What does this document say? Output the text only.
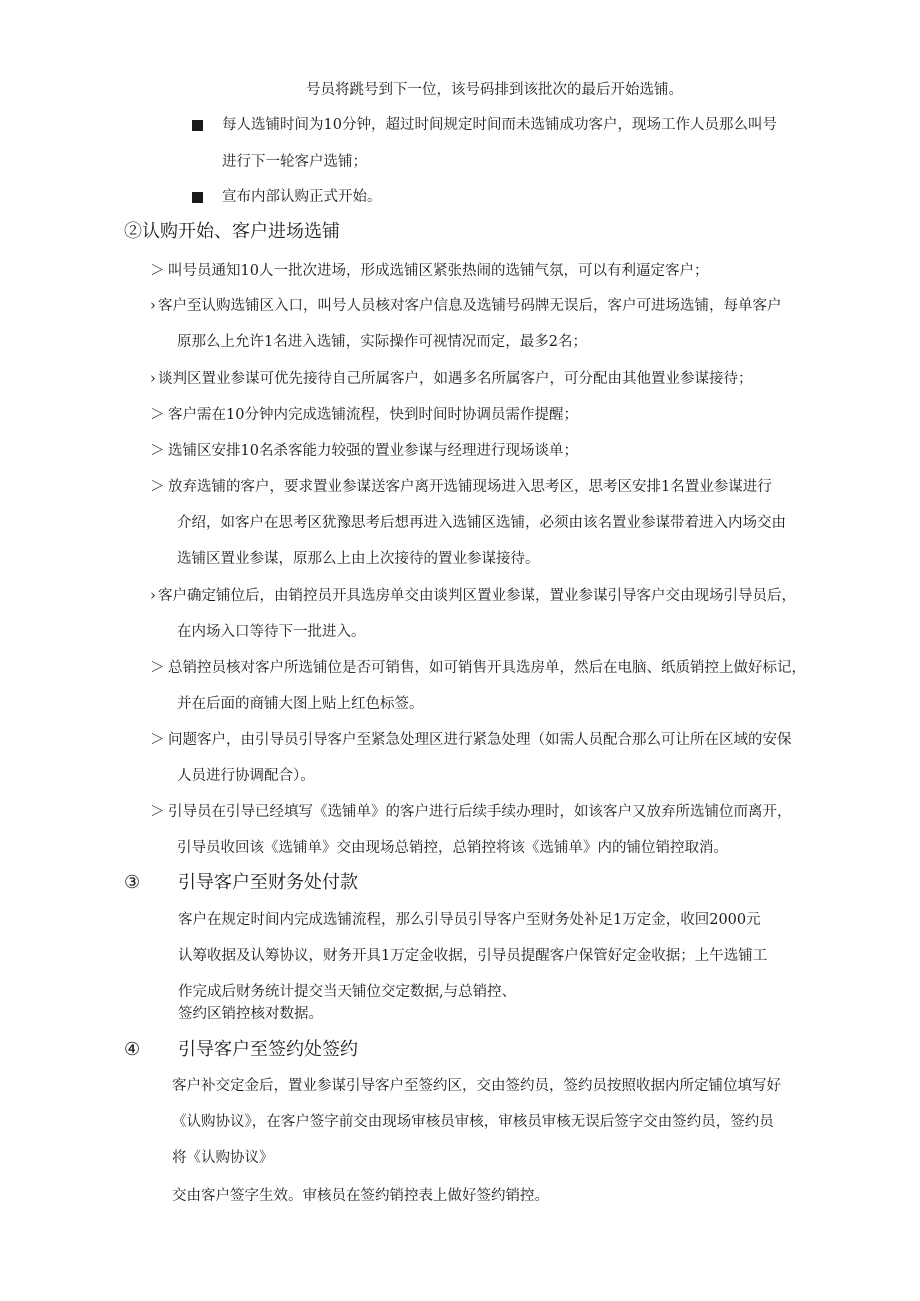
号员将跳号到下一位，该号码排到该批次的最后开始选铺。
每人选铺时间为10分钟，超过时间规定时间而未选铺成功客户，现场工作人员那么叫号
进行下一轮客户选铺；
宣布内部认购正式开始。
②认购开始、客户进场选铺
＞ 叫号员通知10人一批次进场，形成选铺区紧张热闹的选铺气氛，可以有利逼定客户；
› 客户至认购选铺区入口，叫号人员核对客户信息及选铺号码牌无误后，客户可进场选铺，每单客户
原那么上允许1名进入选铺，实际操作可视情况而定，最多2名；
› 谈判区置业参谋可优先接待自己所属客户，如遇多名所属客户，可分配由其他置业参谋接待；
＞ 客户需在10分钟内完成选铺流程，快到时间时协调员需作提醒；
＞ 选铺区安排10名杀客能力较强的置业参谋与经理进行现场谈单；
＞ 放弃选铺的客户，要求置业参谋送客户离开选铺现场进入思考区，思考区安排1名置业参谋进行
介绍，如客户在思考区犹豫思考后想再进入选铺区选铺，必须由该名置业参谋带着进入内场交由
选铺区置业参谋，原那么上由上次接待的置业参谋接待。
› 客户确定铺位后，由销控员开具选房单交由谈判区置业参谋，置业参谋引导客户交由现场引导员后，
在内场入口等待下一批进入。
＞ 总销控员核对客户所选铺位是否可销售，如可销售开具选房单，然后在电脑、纸质销控上做好标记，
并在后面的商铺大图上贴上红色标签。
＞ 问题客户，由引导员引导客户至紧急处理区进行紧急处理（如需人员配合那么可让所在区域的安保
人员进行协调配合）。
＞ 引导员在引导已经填写《选铺单》的客户进行后续手续办理时，如该客户又放弃所选铺位而离开，
引导员收回该《选铺单》交由现场总销控，总销控将该《选铺单》内的铺位销控取消。
③ 引导客户至财务处付款
客户在规定时间内完成选铺流程，那么引导员引导客户至财务处补足1万定金，收回2000元
认筹收据及认筹协议，财务开具1万定金收据，引导员提醒客户保管好定金收据；上午选铺工
作完成后财务统计提交当天铺位交定数据,与总销控、
签约区销控核对数据。
④ 引导客户至签约处签约
客户补交定金后，置业参谋引导客户至签约区，交由签约员，签约员按照收据内所定铺位填写好
《认购协议》，在客户签字前交由现场审核员审核，审核员审核无误后签字交由签约员，签约员
将《认购协议》
交由客户签字生效。审核员在签约销控表上做好签约销控。
